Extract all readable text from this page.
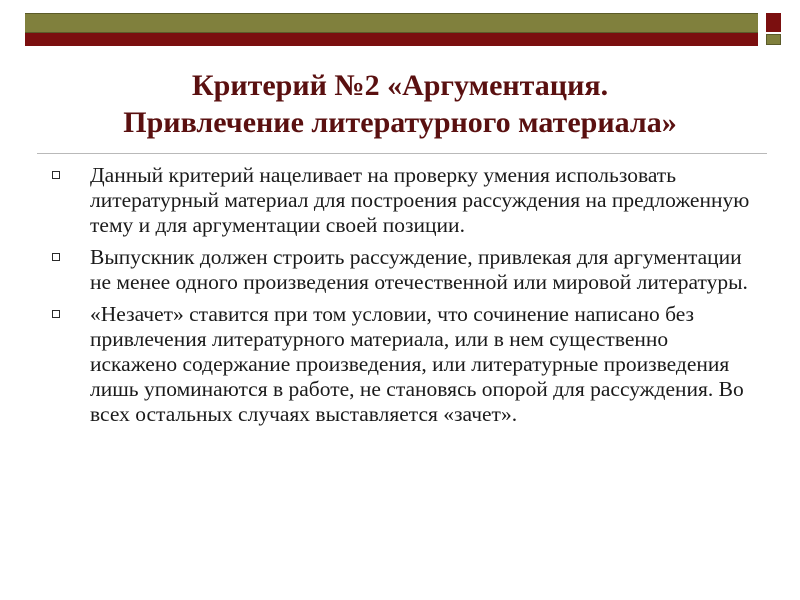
Критерий №2 «Аргументация.
Привлечение литературного материала»
Данный критерий нацеливает на проверку умения использовать литературный материал для построения рассуждения на предложенную тему и для аргументации своей позиции.
Выпускник должен строить рассуждение, привлекая для аргументации не менее одного произведения отечественной или мировой литературы.
«Незачет» ставится при том условии, что сочинение написано без привлечения литературного материала, или в нем существенно искажено содержание произведения, или литературные произведения лишь упоминаются в работе, не становясь опорой для рассуждения. Во всех остальных случаях выставляется «зачет».
